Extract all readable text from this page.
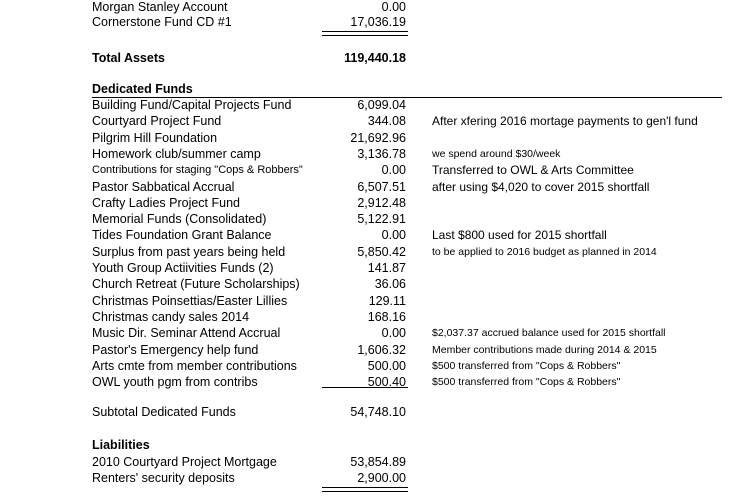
Morgan Stanley Account	0.00
Cornerstone Fund CD #1	17,036.19
Total Assets	119,440.18
Dedicated Funds
Building Fund/Capital Projects Fund	6,099.04
Courtyard Project Fund	344.08 After xfering 2016 mortage payments to gen'l fund
Pilgrim Hill Foundation	21,692.96
Homework club/summer camp	3,136.78 we spend around $30/week
Contributions for staging "Cops & Robbers"	0.00 Transferred to OWL & Arts Committee
Pastor Sabbatical Accrual	6,507.51 after using $4,020 to cover 2015 shortfall
Crafty Ladies Project Fund	2,912.48
Memorial Funds (Consolidated)	5,122.91
Tides Foundation Grant Balance	0.00 Last $800 used for 2015 shortfall
Surplus from past years being held	5,850.42 to be applied to 2016 budget as planned in 2014
Youth Group Actiivities Funds (2)	141.87
Church Retreat (Future Scholarships)	36.06
Christmas Poinsettias/Easter Lillies	129.11
Christmas candy sales 2014	168.16
Music Dir. Seminar Attend Accrual	0.00 $2,037.37 accrued balance used for 2015 shortfall
Pastor's Emergency help fund	1,606.32 Member contributions made during 2014 & 2015
Arts cmte from member contributions	500.00 $500 transferred from "Cops & Robbers"
OWL youth pgm from contribs	500.40 $500 transferred from "Cops & Robbers"
Subtotal Dedicated Funds	54,748.10
Liabilities
2010 Courtyard Project Mortgage	53,854.89
Renters' security deposits	2,900.00
